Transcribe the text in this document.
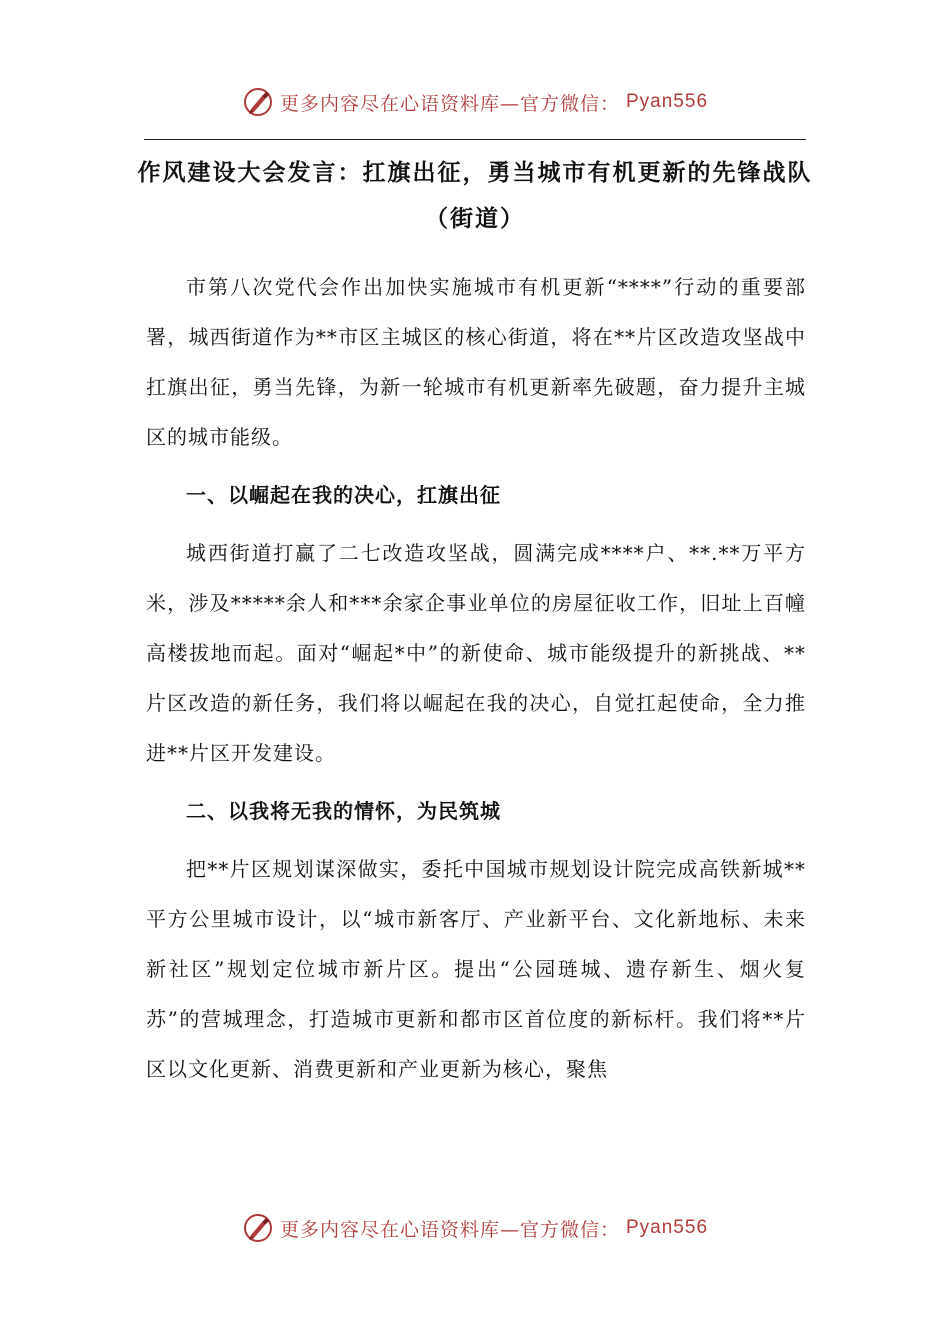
更多内容尽在心语资料库—官方微信： Pyan556
作风建设大会发言：扛旗出征，勇当城市有机更新的先锋战队（街道）

市第八次党代会作出加快实施城市有机更新“****”行动的重要部署，城西街道作为**市区主城区的核心街道，将在**片区改造攻坚战中扛旗出征，勇当先锋，为新一轮城市有机更新率先破题，奋力提升主城区的城市能级。

一、以崛起在我的决心，扛旗出征

城西街道打赢了二七改造攻坚战，圆满完成****户、**.**万平方米，涉及*****余人和***余家企事业单位的房屋征收工作，旧址上百幢高楼拔地而起。面对“崛起*中”的新使命、城市能级提升的新挑战、**片区改造的新任务，我们将以崛起在我的决心，自觉扛起使命，全力推进**片区开发建设。

二、以我将无我的情怀，为民筑城

把**片区规划谋深做实，委托中国城市规划设计院完成高铁新城**平方公里城市设计，以“城市新客厅、产业新平台、文化新地标、未来新社区”规划定位城市新片区。提出“公园琏城、遗存新生、烟火复苏”的营城理念，打造城市更新和都市区首位度的新标杆。我们将**片区以文化更新、消费更新和产业更新为核心，聚焦

更多内容尽在心语资料库—官方微信： Pyan556
